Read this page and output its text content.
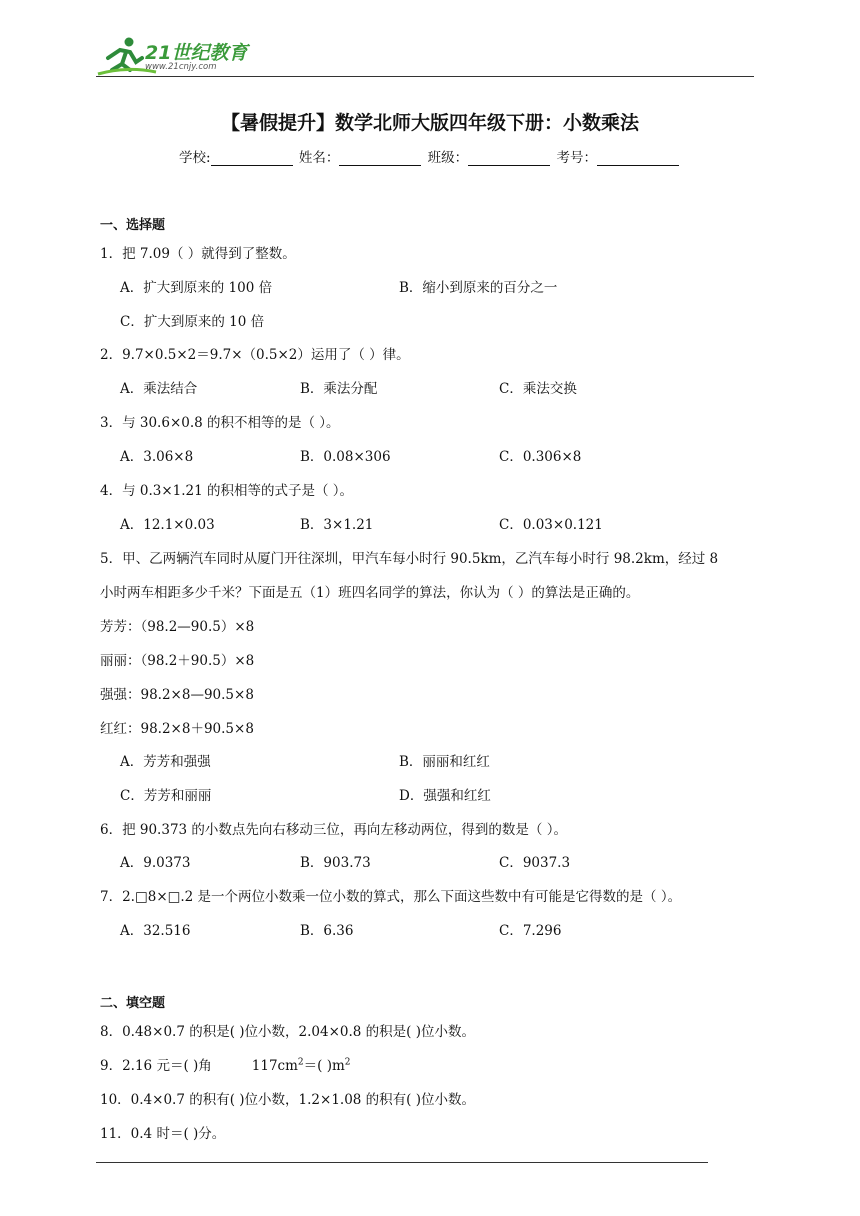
21世纪教育
www.21cnjy.com
【暑假提升】数学北师大版四年级下册：小数乘法
学校:	姓名：	班级：	考号：
一、选择题
1．把 7.09（ ）就得到了整数。
A．扩大到原来的 100 倍	B．缩小到原来的百分之一
C．扩大到原来的 10 倍
2．9.7×0.5×2＝9.7×（0.5×2）运用了（ ）律。
A．乘法结合	B．乘法分配	C．乘法交换
3．与 30.6×0.8 的积不相等的是（ ）。
A．3.06×8	B．0.08×306	C．0.306×8
4．与 0.3×1.21 的积相等的式子是（ ）。
A．12.1×0.03	B．3×1.21	C．0.03×0.121
5．甲、乙两辆汽车同时从厦门开往深圳，甲汽车每小时行 90.5km，乙汽车每小时行 98.2km，经过 8
小时两车相距多少千米？下面是五（1）班四名同学的算法，你认为（ ）的算法是正确的。
芳芳：（98.2—90.5）×8
丽丽：（98.2＋90.5）×8
强强：98.2×8—90.5×8
红红：98.2×8＋90.5×8
A．芳芳和强强	B．丽丽和红红
C．芳芳和丽丽	D．强强和红红
6．把 90.373 的小数点先向右移动三位，再向左移动两位，得到的数是（ ）。
A．9.0373	B．903.73	C．9037.3
7．2.□8×□.2 是一个两位小数乘一位小数的算式，那么下面这些数中有可能是它得数的是（ ）。
A．32.516	B．6.36	C．7.296
二、填空题
8．0.48×0.7 的积是( )位小数，2.04×0.8 的积是( )位小数。
9．2.16 元＝( )角	$117cm^2=$( )$m^2$
10．0.4×0.7 的积有( )位小数，1.2×1.08 的积有( )位小数。
11．0.4 时＝( )分。
